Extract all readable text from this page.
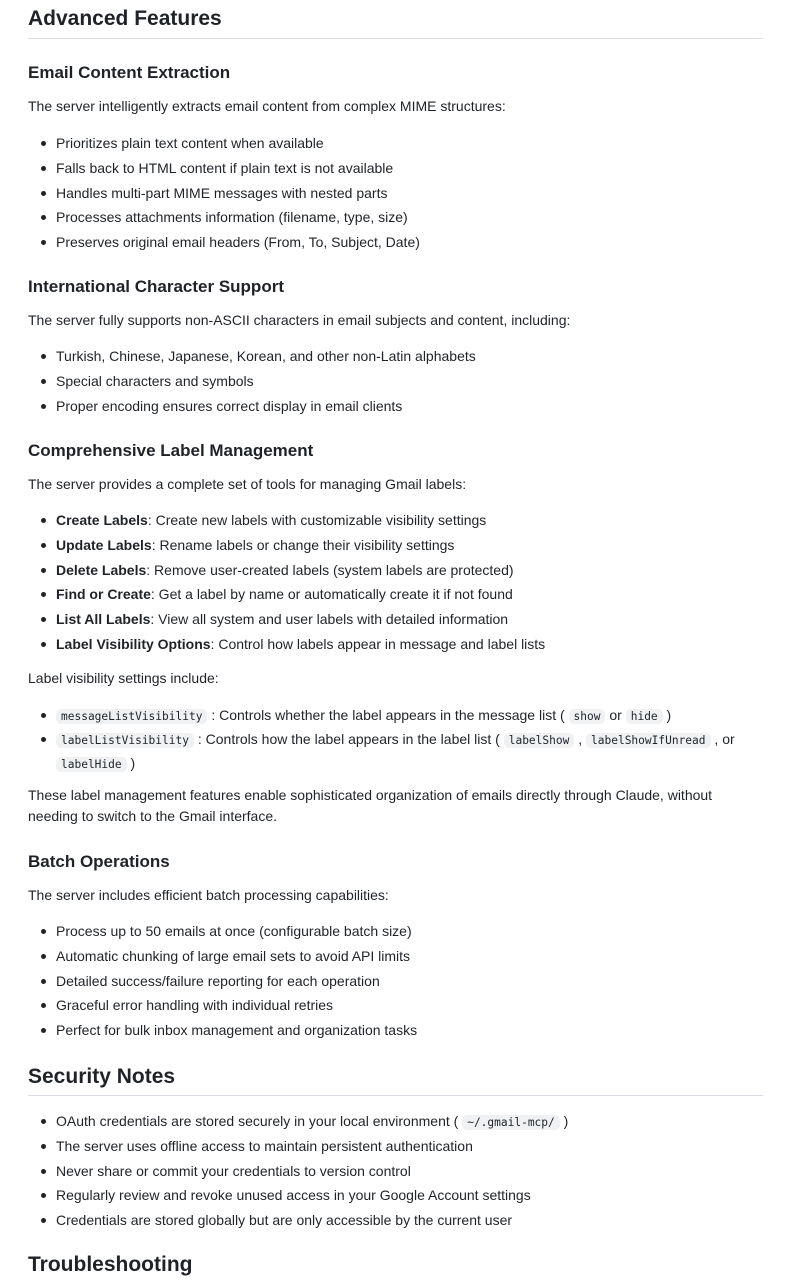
Advanced Features
Email Content Extraction

The server intelligently extracts email content from complex MIME structures:

Prioritizes plain text content when available
Falls back to HTML content if plain text is not available
Handles multi-part MIME messages with nested parts
Processes attachments information (filename, type, size)
Preserves original email headers (From, To, Subject, Date)
International Character Support

The server fully supports non-ASCII characters in email subjects and content, including:

Turkish, Chinese, Japanese, Korean, and other non-Latin alphabets
Special characters and symbols
Proper encoding ensures correct display in email clients
Comprehensive Label Management

The server provides a complete set of tools for managing Gmail labels:

Create Labels: Create new labels with customizable visibility settings
Update Labels: Rename labels or change their visibility settings
Delete Labels: Remove user-created labels (system labels are protected)
Find or Create: Get a label by name or automatically create it if not found
List All Labels: View all system and user labels with detailed information
Label Visibility Options: Control how labels appear in message and label lists

Label visibility settings include:

messageListVisibility : Controls whether the label appears in the message list ( show or hide )
labelListVisibility : Controls how the label appears in the label list ( labelShow , labelShowIfUnread , or labelHide )

These label management features enable sophisticated organization of emails directly through Claude, without needing to switch to the Gmail interface.

Batch Operations

The server includes efficient batch processing capabilities:

Process up to 50 emails at once (configurable batch size)
Automatic chunking of large email sets to avoid API limits
Detailed success/failure reporting for each operation
Graceful error handling with individual retries
Perfect for bulk inbox management and organization tasks
Security Notes
OAuth credentials are stored securely in your local environment ( ~/.gmail-mcp/ )
The server uses offline access to maintain persistent authentication
Never share or commit your credentials to version control
Regularly review and revoke unused access in your Google Account settings
Credentials are stored globally but are only accessible by the current user
Troubleshooting
